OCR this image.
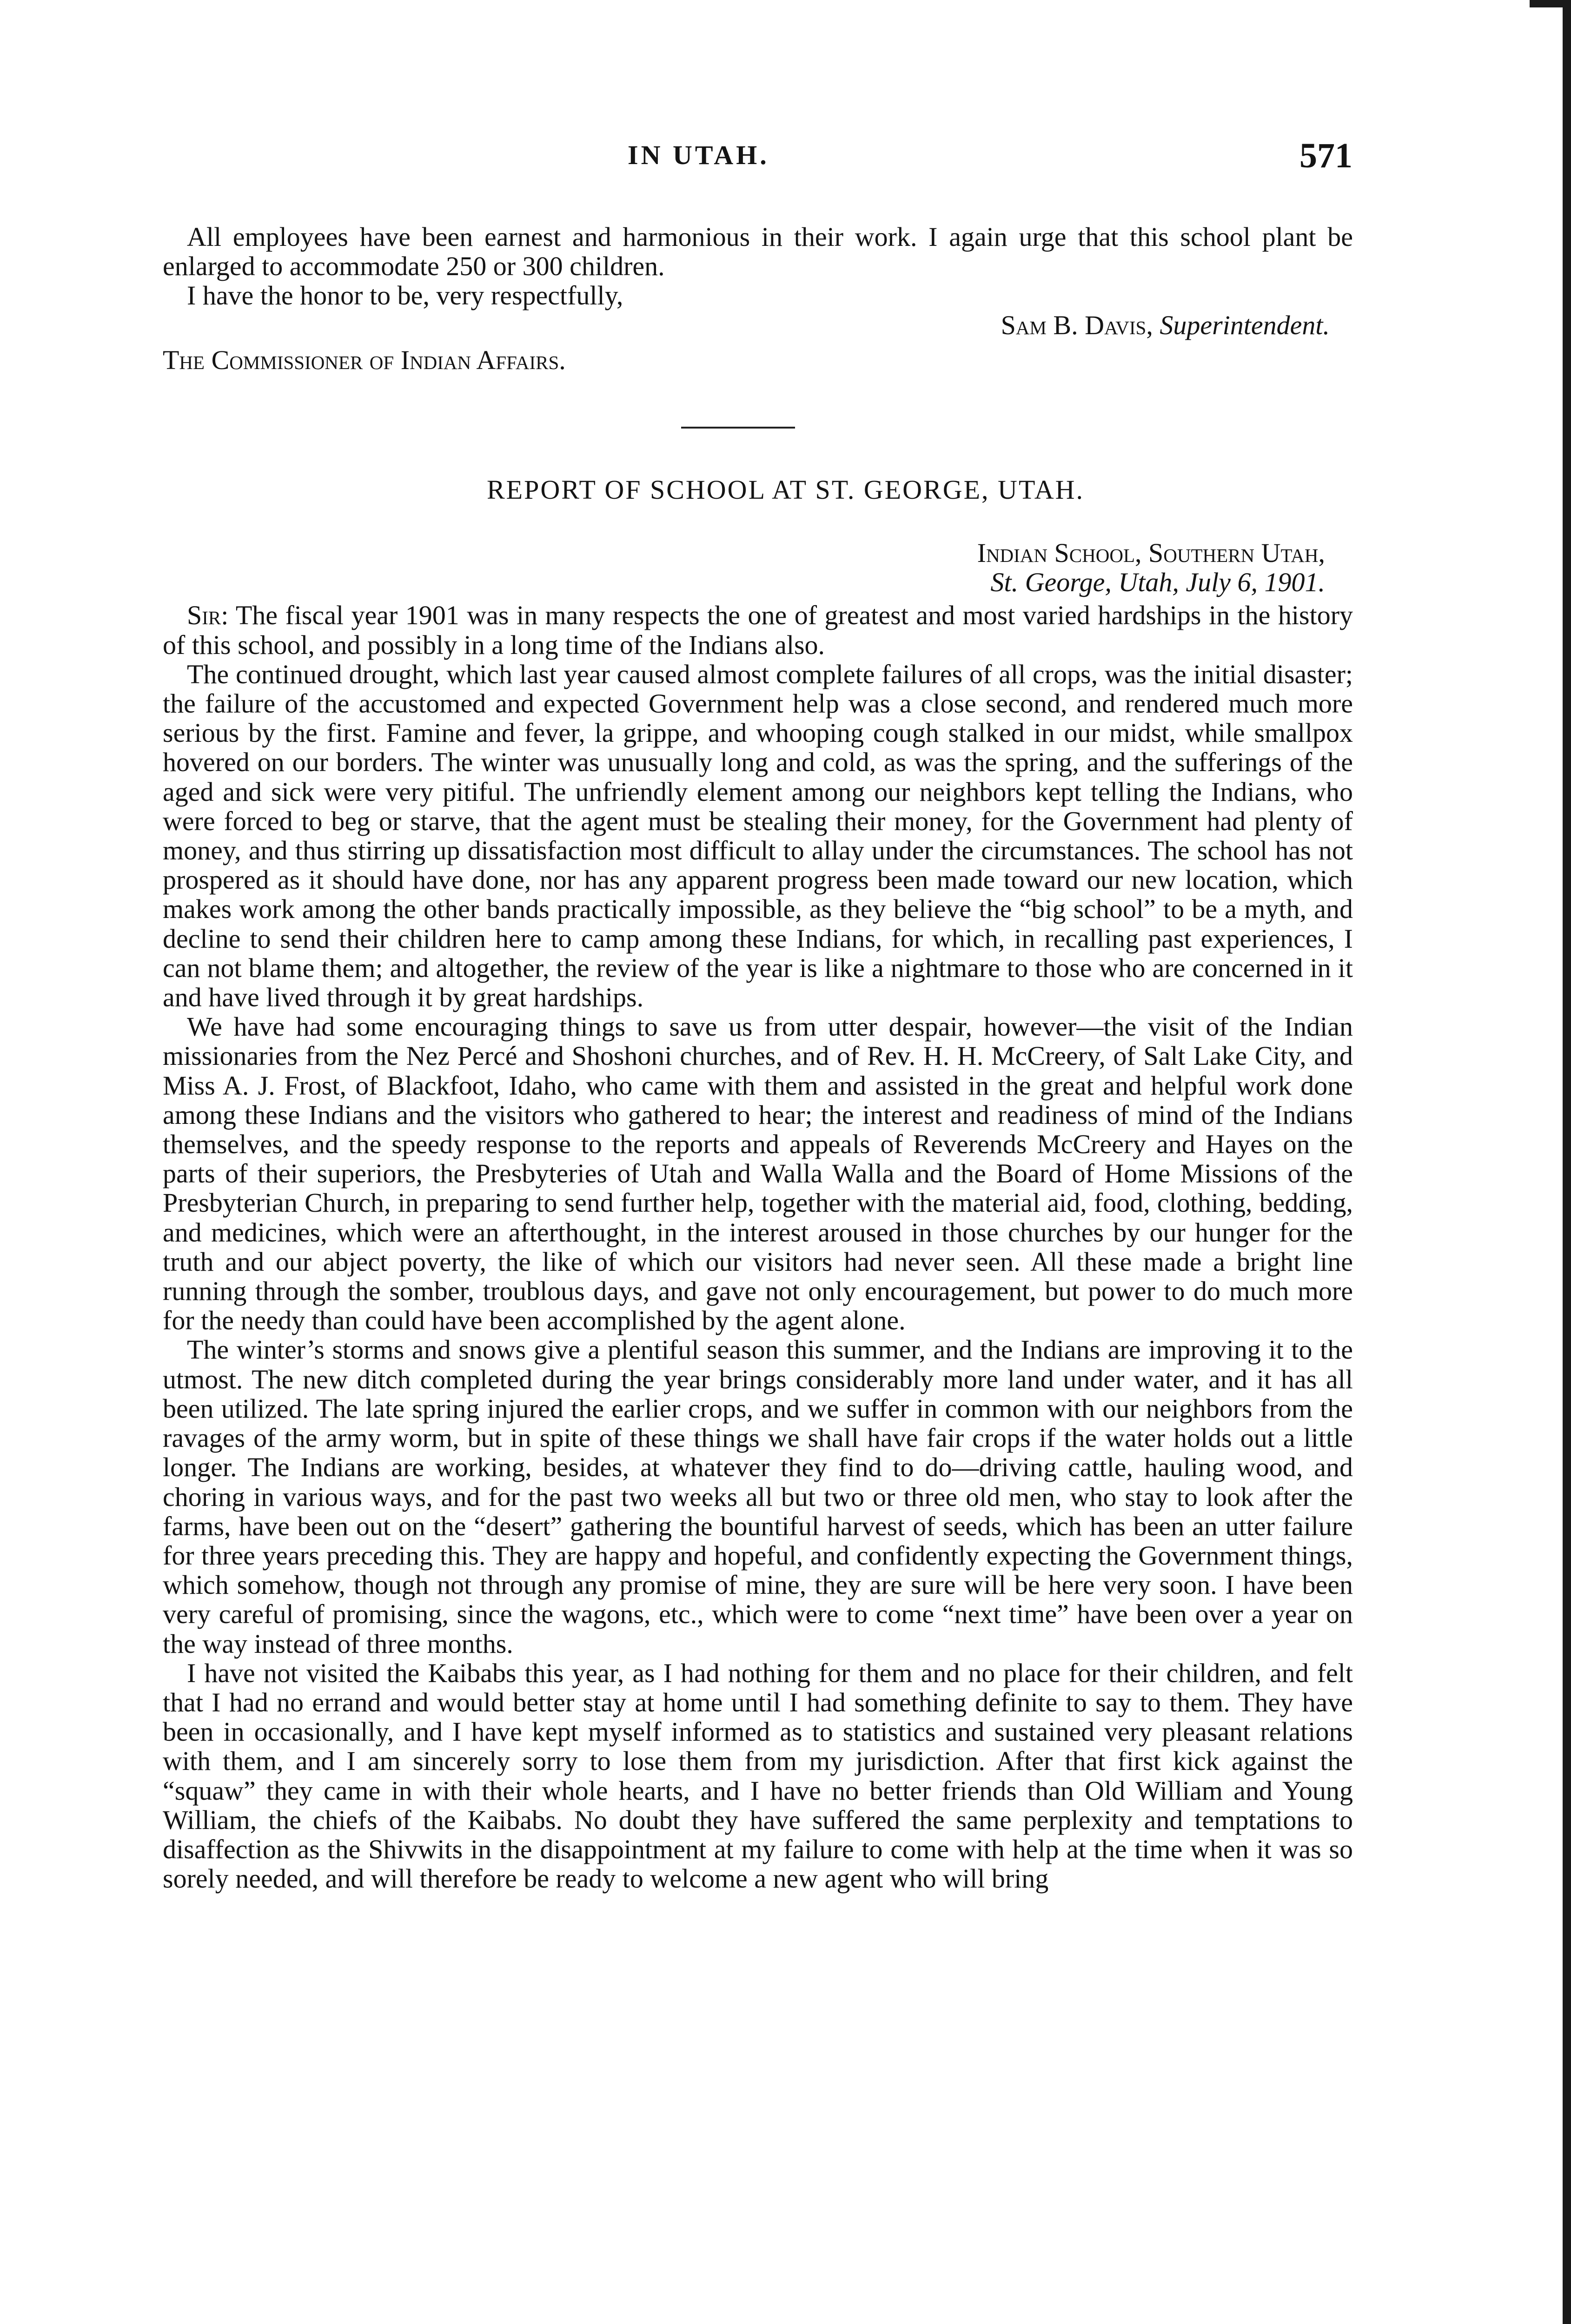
IN UTAH.	571

All employees have been earnest and harmonious in their work. I again urge that this school plant be enlarged to accommodate 250 or 300 children.

I have the honor to be, very respectfully,

Sam B. Davis, Superintendent.

The Commissioner of Indian Affairs.

REPORT OF SCHOOL AT ST. GEORGE, UTAH.

Indian School, Southern Utah,

St. George, Utah, July 6, 1901.

Sir: The fiscal year 1901 was in many respects the one of greatest and most varied hardships in the history of this school, and possibly in a long time of the Indians also.

The continued drought, which last year caused almost complete failures of all crops, was the initial disaster; the failure of the accustomed and expected Government help was a close second, and rendered much more serious by the first. Famine and fever, la grippe, and whooping cough stalked in our midst, while smallpox hovered on our borders. The winter was unusually long and cold, as was the spring, and the sufferings of the aged and sick were very pitiful. The unfriendly element among our neighbors kept telling the Indians, who were forced to beg or starve, that the agent must be stealing their money, for the Government had plenty of money, and thus stirring up dissatisfaction most difficult to allay under the circumstances. The school has not prospered as it should have done, nor has any apparent progress been made toward our new location, which makes work among the other bands practically impossible, as they believe the “big school” to be a myth, and decline to send their children here to camp among these Indians, for which, in recalling past experiences, I can not blame them; and altogether, the review of the year is like a nightmare to those who are concerned in it and have lived through it by great hardships.

We have had some encouraging things to save us from utter despair, however—the visit of the Indian missionaries from the Nez Percé and Shoshoni churches, and of Rev. H. H. McCreery, of Salt Lake City, and Miss A. J. Frost, of Blackfoot, Idaho, who came with them and assisted in the great and helpful work done among these Indians and the visitors who gathered to hear; the interest and readiness of mind of the Indians themselves, and the speedy response to the reports and appeals of Reverends McCreery and Hayes on the parts of their superiors, the Presbyteries of Utah and Walla Walla and the Board of Home Missions of the Presbyterian Church, in preparing to send further help, together with the material aid, food, clothing, bedding, and medicines, which were an afterthought, in the interest aroused in those churches by our hunger for the truth and our abject poverty, the like of which our visitors had never seen. All these made a bright line running through the somber, troublous days, and gave not only encouragement, but power to do much more for the needy than could have been accomplished by the agent alone.

The winter’s storms and snows give a plentiful season this summer, and the Indians are improving it to the utmost. The new ditch completed during the year brings considerably more land under water, and it has all been utilized. The late spring injured the earlier crops, and we suffer in common with our neighbors from the ravages of the army worm, but in spite of these things we shall have fair crops if the water holds out a little longer. The Indians are working, besides, at whatever they find to do—driving cattle, hauling wood, and choring in various ways, and for the past two weeks all but two or three old men, who stay to look after the farms, have been out on the “desert” gathering the bountiful harvest of seeds, which has been an utter failure for three years preceding this. They are happy and hopeful, and confidently expecting the Government things, which somehow, though not through any promise of mine, they are sure will be here very soon. I have been very careful of promising, since the wagons, etc., which were to come “next time” have been over a year on the way instead of three months.

I have not visited the Kaibabs this year, as I had nothing for them and no place for their children, and felt that I had no errand and would better stay at home until I had something definite to say to them. They have been in occasionally, and I have kept myself informed as to statistics and sustained very pleasant relations with them, and I am sincerely sorry to lose them from my jurisdiction. After that first kick against the “squaw” they came in with their whole hearts, and I have no better friends than Old William and Young William, the chiefs of the Kaibabs. No doubt they have suffered the same perplexity and temptations to disaffection as the Shivwits in the disappointment at my failure to come with help at the time when it was so sorely needed, and will therefore be ready to welcome a new agent who will bring
